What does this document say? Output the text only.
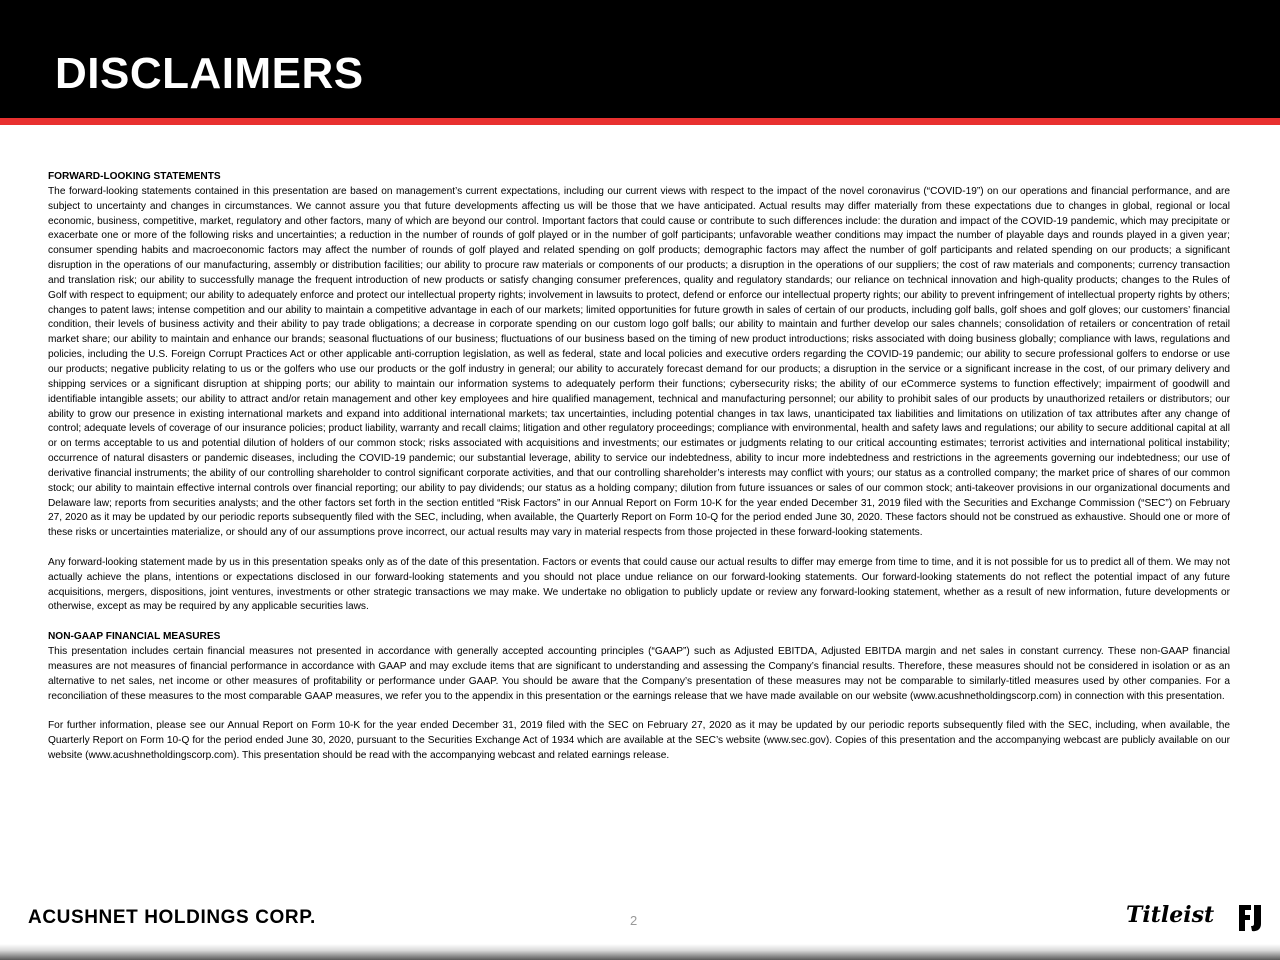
DISCLAIMERS

FORWARD-LOOKING STATEMENTS

The forward-looking statements contained in this presentation are based on management’s current expectations, including our current views with respect to the impact of the novel coronavirus (“COVID-19”) on our operations and financial performance, and are subject to uncertainty and changes in circumstances. We cannot assure you that future developments affecting us will be those that we have anticipated. Actual results may differ materially from these expectations due to changes in global, regional or local economic, business, competitive, market, regulatory and other factors, many of which are beyond our control. Important factors that could cause or contribute to such differences include: the duration and impact of the COVID-19 pandemic, which may precipitate or exacerbate one or more of the following risks and uncertainties; a reduction in the number of rounds of golf played or in the number of golf participants; unfavorable weather conditions may impact the number of playable days and rounds played in a given year; consumer spending habits and macroeconomic factors may affect the number of rounds of golf played and related spending on golf products; demographic factors may affect the number of golf participants and related spending on our products; a significant disruption in the operations of our manufacturing, assembly or distribution facilities; our ability to procure raw materials or components of our products; a disruption in the operations of our suppliers; the cost of raw materials and components; currency transaction and translation risk; our ability to successfully manage the frequent introduction of new products or satisfy changing consumer preferences, quality and regulatory standards; our reliance on technical innovation and high-quality products; changes to the Rules of Golf with respect to equipment; our ability to adequately enforce and protect our intellectual property rights; involvement in lawsuits to protect, defend or enforce our intellectual property rights; our ability to prevent infringement of intellectual property rights by others; changes to patent laws; intense competition and our ability to maintain a competitive advantage in each of our markets; limited opportunities for future growth in sales of certain of our products, including golf balls, golf shoes and golf gloves; our customers’ financial condition, their levels of business activity and their ability to pay trade obligations; a decrease in corporate spending on our custom logo golf balls; our ability to maintain and further develop our sales channels; consolidation of retailers or concentration of retail market share; our ability to maintain and enhance our brands; seasonal fluctuations of our business; fluctuations of our business based on the timing of new product introductions; risks associated with doing business globally; compliance with laws, regulations and policies, including the U.S. Foreign Corrupt Practices Act or other applicable anti-corruption legislation, as well as federal, state and local policies and executive orders regarding the COVID-19 pandemic; our ability to secure professional golfers to endorse or use our products; negative publicity relating to us or the golfers who use our products or the golf industry in general; our ability to accurately forecast demand for our products; a disruption in the service or a significant increase in the cost, of our primary delivery and shipping services or a significant disruption at shipping ports; our ability to maintain our information systems to adequately perform their functions; cybersecurity risks; the ability of our eCommerce systems to function effectively; impairment of goodwill and identifiable intangible assets; our ability to attract and/or retain management and other key employees and hire qualified management, technical and manufacturing personnel; our ability to prohibit sales of our products by unauthorized retailers or distributors; our ability to grow our presence in existing international markets and expand into additional international markets; tax uncertainties, including potential changes in tax laws, unanticipated tax liabilities and limitations on utilization of tax attributes after any change of control; adequate levels of coverage of our insurance policies; product liability, warranty and recall claims; litigation and other regulatory proceedings; compliance with environmental, health and safety laws and regulations; our ability to secure additional capital at all or on terms acceptable to us and potential dilution of holders of our common stock; risks associated with acquisitions and investments; our estimates or judgments relating to our critical accounting estimates; terrorist activities and international political instability; occurrence of natural disasters or pandemic diseases, including the COVID-19 pandemic; our substantial leverage, ability to service our indebtedness, ability to incur more indebtedness and restrictions in the agreements governing our indebtedness; our use of derivative financial instruments; the ability of our controlling shareholder to control significant corporate activities, and that our controlling shareholder’s interests may conflict with yours; our status as a controlled company; the market price of shares of our common stock; our ability to maintain effective internal controls over financial reporting; our ability to pay dividends; our status as a holding company; dilution from future issuances or sales of our common stock; anti-takeover provisions in our organizational documents and Delaware law; reports from securities analysts; and the other factors set forth in the section entitled “Risk Factors” in our Annual Report on Form 10-K for the year ended December 31, 2019 filed with the Securities and Exchange Commission (“SEC”) on February 27, 2020 as it may be updated by our periodic reports subsequently filed with the SEC, including, when available, the Quarterly Report on Form 10-Q for the period ended June 30, 2020. These factors should not be construed as exhaustive. Should one or more of these risks or uncertainties materialize, or should any of our assumptions prove incorrect, our actual results may vary in material respects from those projected in these forward-looking statements.

Any forward-looking statement made by us in this presentation speaks only as of the date of this presentation. Factors or events that could cause our actual results to differ may emerge from time to time, and it is not possible for us to predict all of them. We may not actually achieve the plans, intentions or expectations disclosed in our forward-looking statements and you should not place undue reliance on our forward-looking statements. Our forward-looking statements do not reflect the potential impact of any future acquisitions, mergers, dispositions, joint ventures, investments or other strategic transactions we may make. We undertake no obligation to publicly update or review any forward-looking statement, whether as a result of new information, future developments or otherwise, except as may be required by any applicable securities laws.

NON-GAAP FINANCIAL MEASURES

This presentation includes certain financial measures not presented in accordance with generally accepted accounting principles (“GAAP”) such as Adjusted EBITDA, Adjusted EBITDA margin and net sales in constant currency. These non-GAAP financial measures are not measures of financial performance in accordance with GAAP and may exclude items that are significant to understanding and assessing the Company’s financial results. Therefore, these measures should not be considered in isolation or as an alternative to net sales, net income or other measures of profitability or performance under GAAP. You should be aware that the Company’s presentation of these measures may not be comparable to similarly-titled measures used by other companies. For a reconciliation of these measures to the most comparable GAAP measures, we refer you to the appendix in this presentation or the earnings release that we have made available on our website (www.acushnetholdingscorp.com) in connection with this presentation.

For further information, please see our Annual Report on Form 10-K for the year ended December 31, 2019 filed with the SEC on February 27, 2020 as it may be updated by our periodic reports subsequently filed with the SEC, including, when available, the Quarterly Report on Form 10-Q for the period ended June 30, 2020, pursuant to the Securities Exchange Act of 1934 which are available at the SEC’s website (www.sec.gov). Copies of this presentation and the accompanying webcast are publicly available on our website (www.acushnetholdingscorp.com). This presentation should be read with the accompanying webcast and related earnings release.

ACUSHNET HOLDINGS CORP.	2	Titleist
